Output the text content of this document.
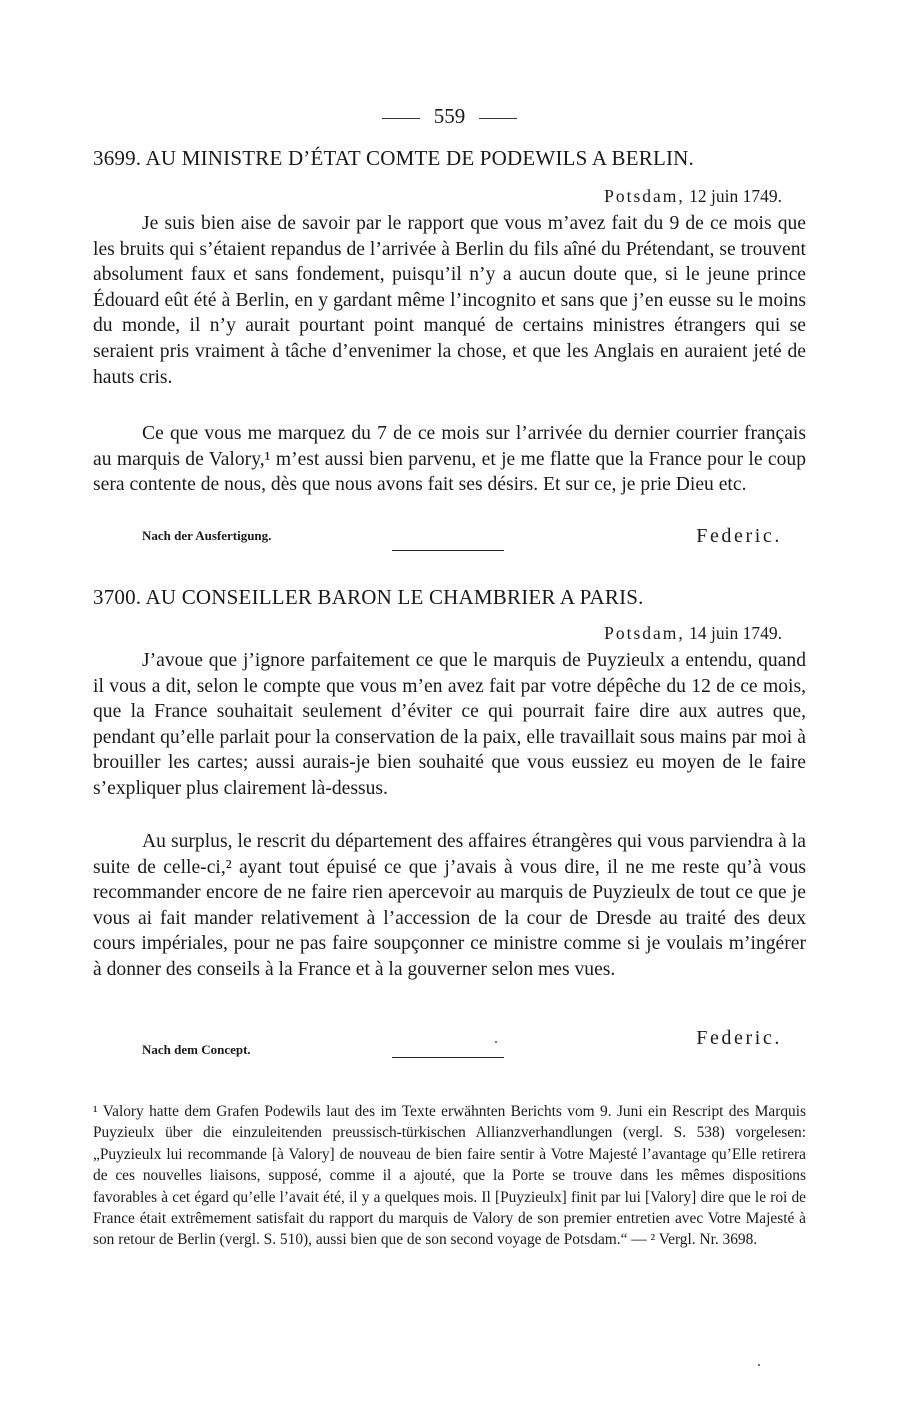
559
3699. AU MINISTRE D’ÉTAT COMTE DE PODEWILS A BERLIN.
Potsdam, 12 juin 1749.

Je suis bien aise de savoir par le rapport que vous m’avez fait du 9 de ce mois que les bruits qui s’étaient repandus de l’arrivée à Berlin du fils aîné du Prétendant, se trouvent absolument faux et sans fondement, puisqu’il n’y a aucun doute que, si le jeune prince Édouard eût été à Berlin, en y gardant même l’incognito et sans que j’en eusse su le moins du monde, il n’y aurait pourtant point manqué de certains ministres étrangers qui se seraient pris vraiment à tâche d’envenimer la chose, et que les Anglais en auraient jeté de hauts cris.

Ce que vous me marquez du 7 de ce mois sur l’arrivée du dernier courrier français au marquis de Valory,¹ m’est aussi bien parvenu, et je me flatte que la France pour le coup sera contente de nous, dès que nous avons fait ses désirs. Et sur ce, je prie Dieu etc.

Nach der Ausfertigung.	Federic.
3700. AU CONSEILLER BARON LE CHAMBRIER A PARIS.
Potsdam, 14 juin 1749.

J’avoue que j’ignore parfaitement ce que le marquis de Puyzieulx a entendu, quand il vous a dit, selon le compte que vous m’en avez fait par votre dépêche du 12 de ce mois, que la France souhaitait seulement d’éviter ce qui pourrait faire dire aux autres que, pendant qu’elle parlait pour la conservation de la paix, elle travaillait sous mains par moi à brouiller les cartes; aussi aurais-je bien souhaité que vous eussiez eu moyen de le faire s’expliquer plus clairement là-dessus.

Au surplus, le rescrit du département des affaires étrangères qui vous parviendra à la suite de celle-ci,² ayant tout épuisé ce que j’avais à vous dire, il ne me reste qu’à vous recommander encore de ne faire rien apercevoir au marquis de Puyzieulx de tout ce que je vous ai fait mander relativement à l’accession de la cour de Dresde au traité des deux cours impériales, pour ne pas faire soupçonner ce ministre comme si je voulais m’ingérer à donner des conseils à la France et à la gouverner selon mes vues.

Nach dem Concept.
Federic.

¹ Valory hatte dem Grafen Podewils laut des im Texte erwähnten Berichts vom 9. Juni ein Rescript des Marquis Puyzieulx über die einzuleitenden preussisch-türkischen Allianzverhandlungen (vergl. S. 538) vorgelesen: „Puyzieulx lui recommande [à Valory] de nouveau de bien faire sentir à Votre Majesté l’avantage qu’Elle retirera de ces nouvelles liaisons, supposé, comme il a ajouté, que la Porte se trouve dans les mêmes dispositions favorables à cet égard qu’elle l’avait été, il y a quelques mois. Il [Puyzieulx] finit par lui [Valory] dire que le roi de France était extrêmement satisfait du rapport du marquis de Valory de son premier entretien avec Votre Majesté à son retour de Berlin (vergl. S. 510), aussi bien que de son second voyage de Potsdam.“ — ² Vergl. Nr. 3698.
